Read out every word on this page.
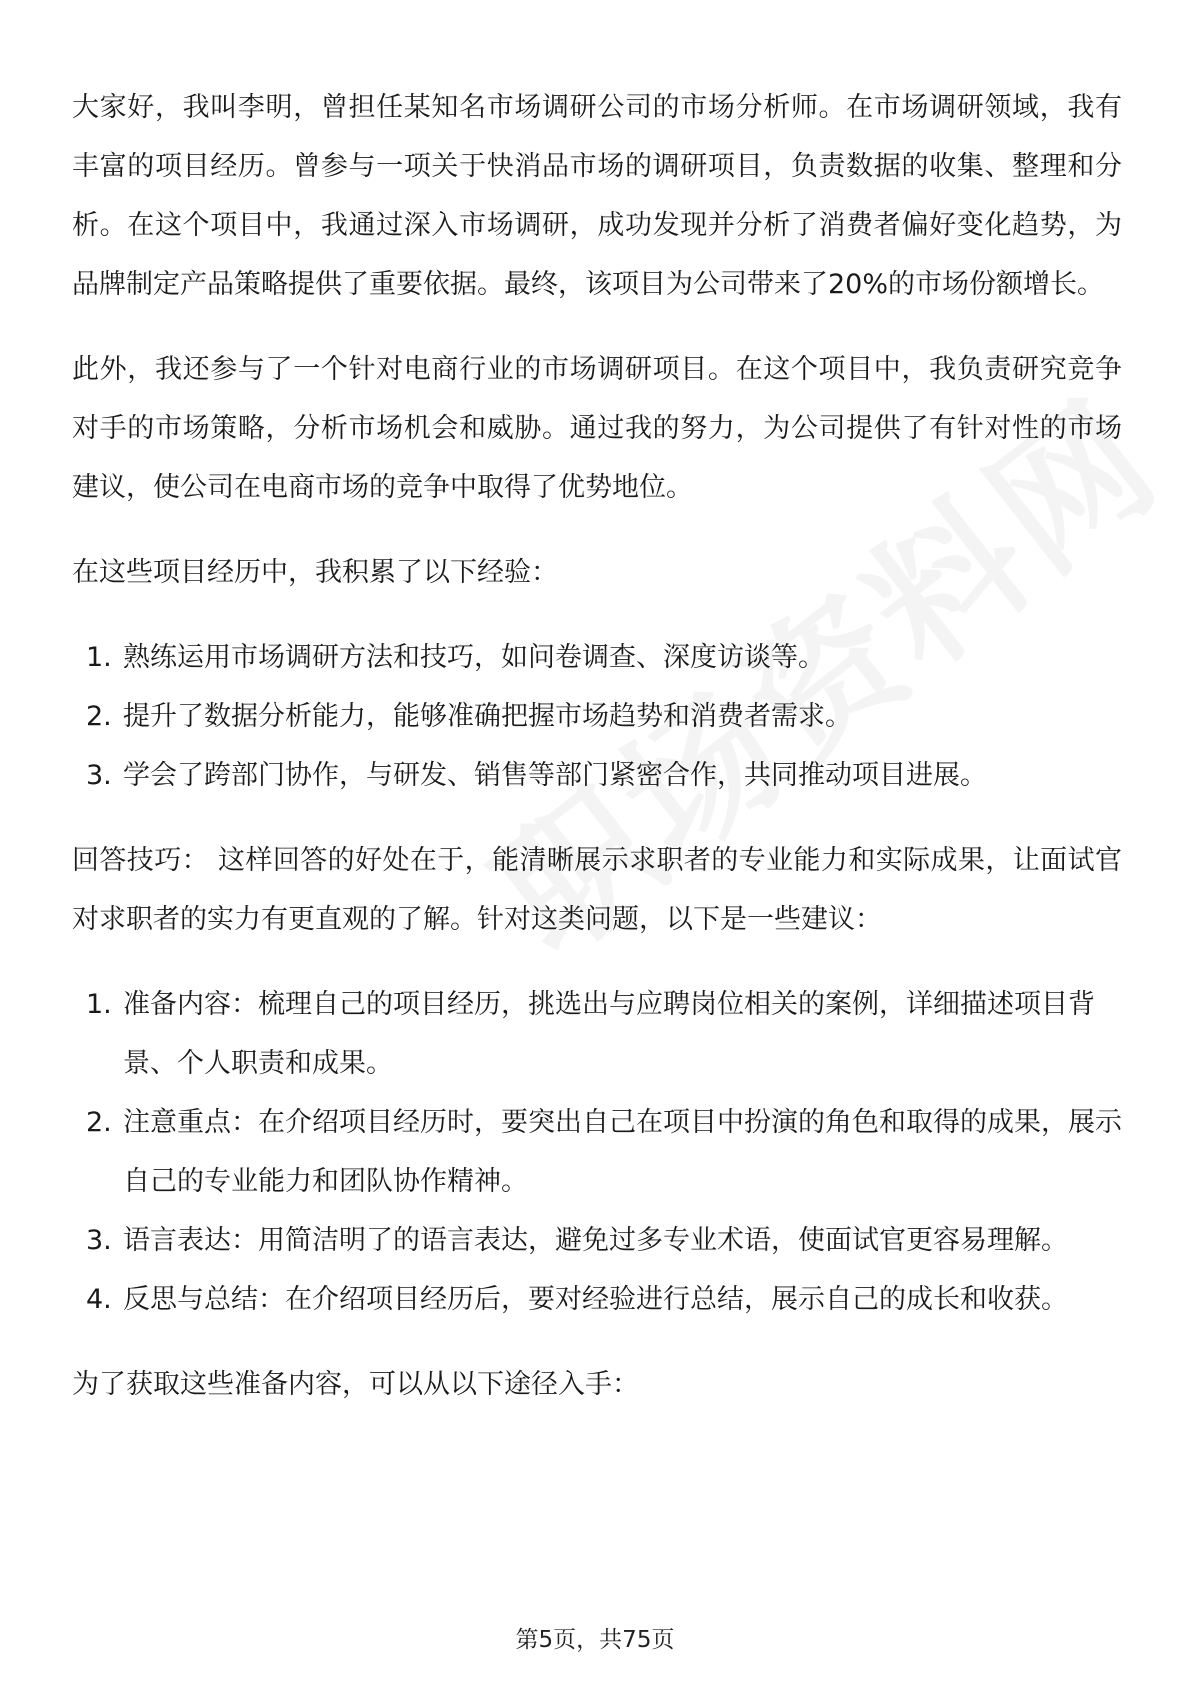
大家好，我叫李明，曾担任某知名市场调研公司的市场分析师。在市场调研领域，我有丰富的项目经历。曾参与一项关于快消品市场的调研项目，负责数据的收集、整理和分析。在这个项目中，我通过深入市场调研，成功发现并分析了消费者偏好变化趋势，为品牌制定产品策略提供了重要依据。最终，该项目为公司带来了20%的市场份额增长。

此外，我还参与了一个针对电商行业的市场调研项目。在这个项目中，我负责研究竞争对手的市场策略，分析市场机会和威胁。通过我的努力，为公司提供了有针对性的市场建议，使公司在电商市场的竞争中取得了优势地位。

在这些项目经历中，我积累了以下经验：

1. 熟练运用市场调研方法和技巧，如问卷调查、深度访谈等。
2. 提升了数据分析能力，能够准确把握市场趋势和消费者需求。
3. 学会了跨部门协作，与研发、销售等部门紧密合作，共同推动项目进展。

回答技巧： 这样回答的好处在于，能清晰展示求职者的专业能力和实际成果，让面试官对求职者的实力有更直观的了解。针对这类问题，以下是一些建议：

1. 准备内容：梳理自己的项目经历，挑选出与应聘岗位相关的案例，详细描述项目背景、个人职责和成果。
2. 注意重点：在介绍项目经历时，要突出自己在项目中扮演的角色和取得的成果，展示自己的专业能力和团队协作精神。
3. 语言表达：用简洁明了的语言表达，避免过多专业术语，使面试官更容易理解。
4. 反思与总结：在介绍项目经历后，要对经验进行总结，展示自己的成长和收获。

为了获取这些准备内容，可以从以下途径入手：

第5页，共75页
